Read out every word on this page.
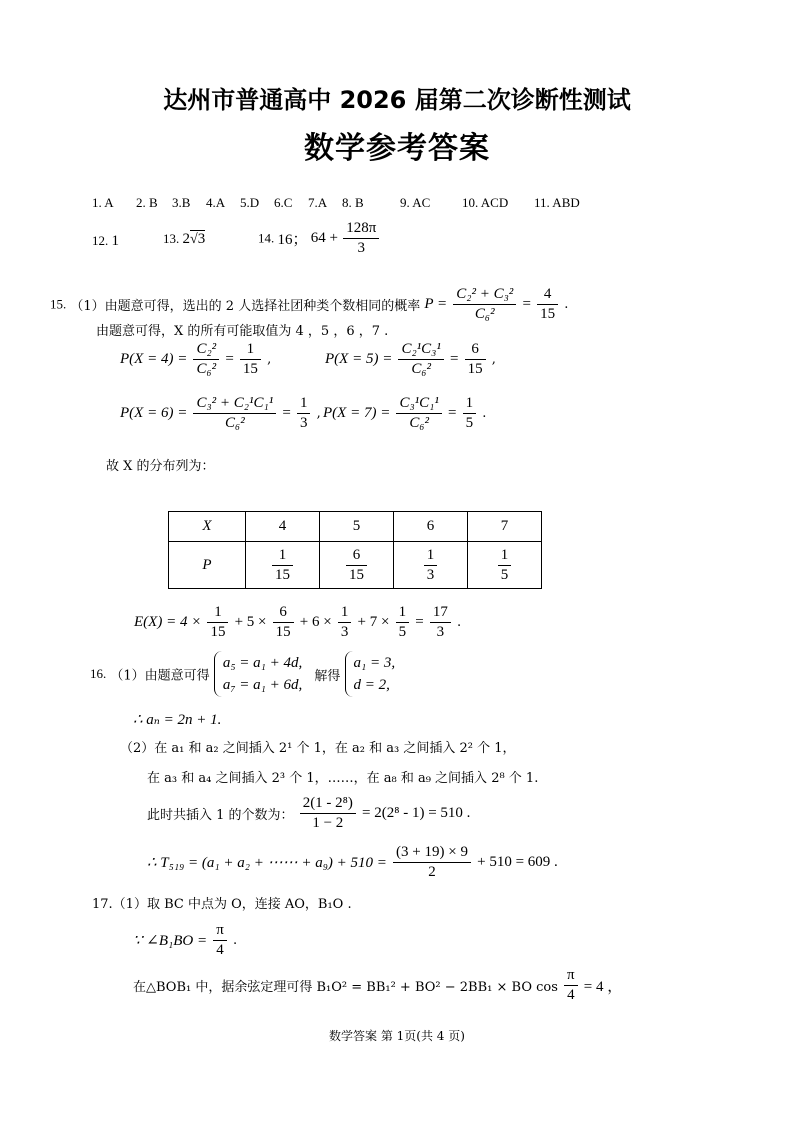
达州市普通高中 2026 届第二次诊断性测试
数学参考答案
1. A 2. B 3.B 4.A 5.D 6.C 7.A 8. B	9. AC 10. ACD 11. ABD
12. 1	13. 2√3	14. 16； $64 + \frac{128\pi}{3}$
15. （1）由题意可得，选出的 2 人选择社团种类个数相同的概率 $P = \frac{\text{C₂² + C₃²}}{\text{C₆²}} = \frac{4}{15}$ .
由题意可得，X 的所有可能取值为 4 ，5 ，6 ，7 .
$P(X = 4) = \frac{\text{C₂²}}{\text{C₆²}} = \frac{1}{15}$ ,	$P(X = 5) = \frac{\text{C₂¹C₃¹}}{\text{C₆²}} = \frac{6}{15}$ ,
$P(X = 6) = \frac{\text{C₃² + C₂¹C₁¹}}{\text{C₆²}} = \frac{1}{3}$ , $P(X = 7) = \frac{\text{C₃¹C₁¹}}{\text{C₆²}} = \frac{1}{5}$ .
故 X 的分布列为：
X	4	5	6	7
P	$\frac{1}{15}$	$\frac{6}{15}$	$\frac{1}{3}$	$\frac{1}{5}$
$E(X) = 4 \times \frac{1}{15} + 5 \times \frac{6}{15} + 6 \times \frac{1}{3} + 7 \times \frac{1}{5} = \frac{17}{3}$ .
16. （1）由题意可得
a₅ = a₁ + 4d,
a₇ = a₁ + 6d,
解得
a₁ = 3,
d = 2,
∴ aₙ = 2n + 1.
（2）在 a₁ 和 a₂ 之间插入 2¹ 个 1，在 a₂ 和 a₃ 之间插入 2² 个 1，
在 a₃ 和 a₄ 之间插入 2³ 个 1，……，在 a₈ 和 a₉ 之间插入 2⁸ 个 1.
此时共插入 1 的个数为： $\frac{\text{2(1 - 2⁸)}}{1 - 2} = 2(2^8 - 1) = 510$ .
∴ T₅₁₉ = (a₁ + a₂ + ⋯⋯ + $a_9) + 510 = \frac{(3 + 19) \times 9}{2} + 510 = 609$ .
17.（1）取 BC 中点为 O，连接 AO，B₁O .
∵ ∠B₁BO = $\frac{\pi}{4}$ .
在△BOB₁ 中，据余弦定理可得 B₁O² = BB₁² + BO² − 2BB₁ × BO $\cos \frac{\pi}{4} = 4$ ，
数学答案 第 1页(共 4 页)
